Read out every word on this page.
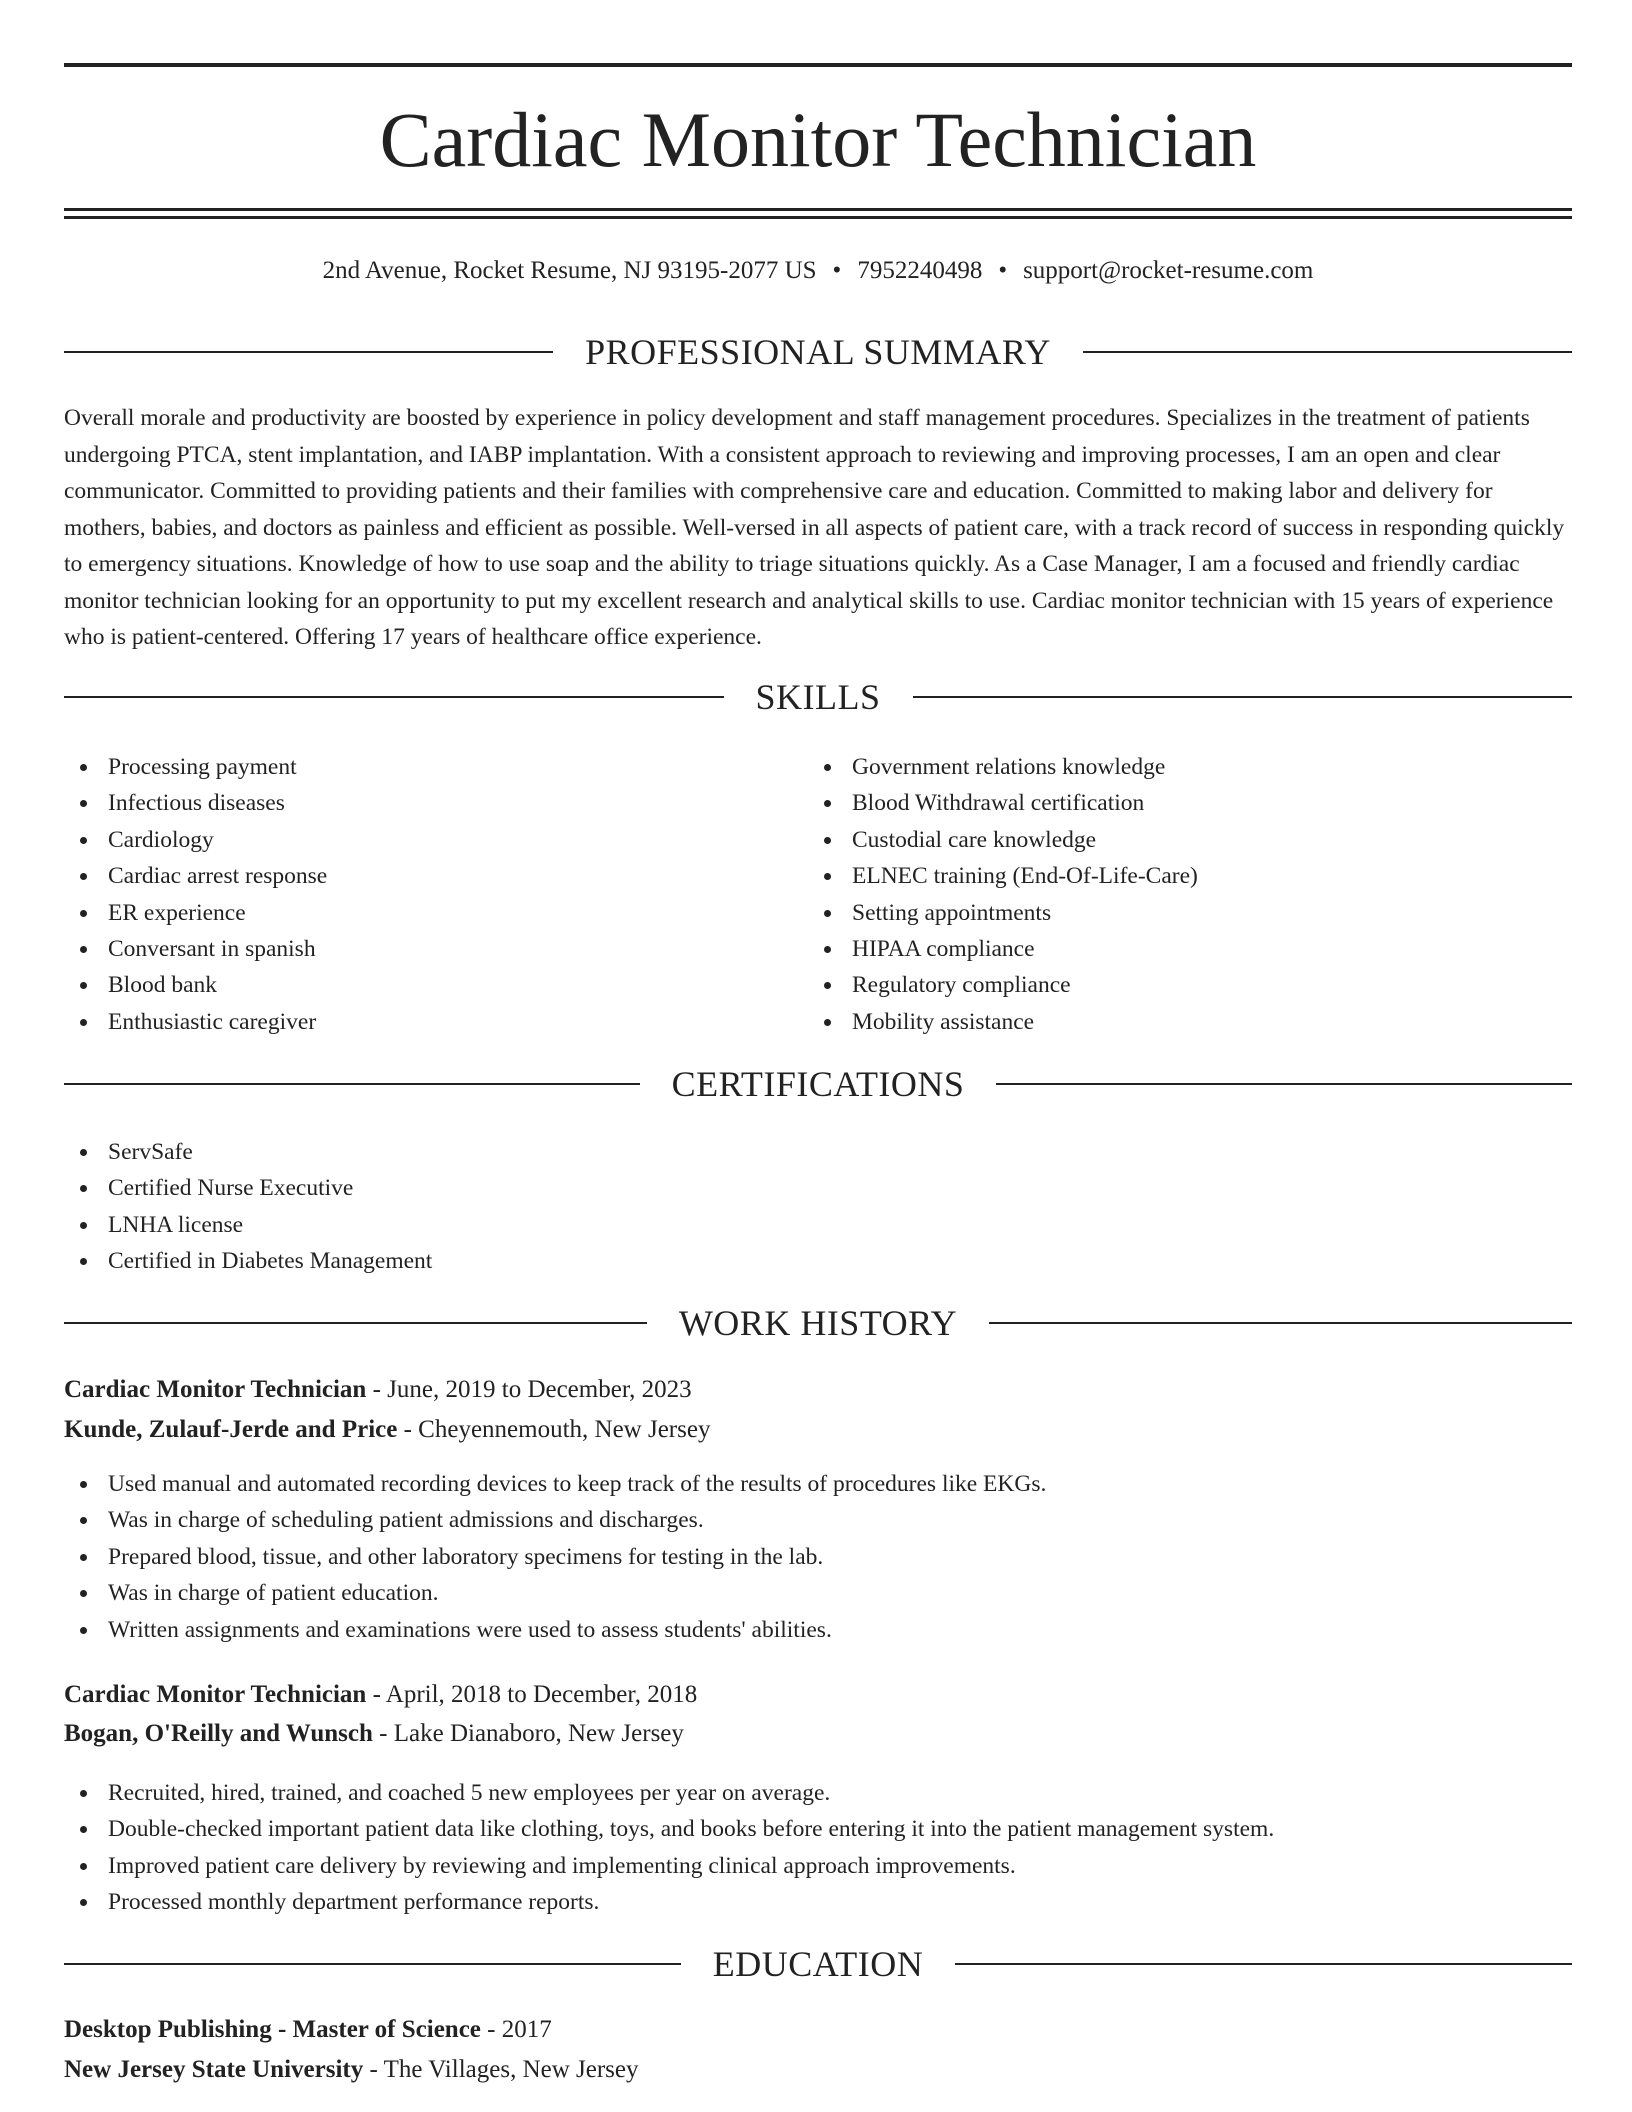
Cardiac Monitor Technician
2nd Avenue, Rocket Resume, NJ 93195-2077 US • 7952240498 • support@rocket-resume.com
PROFESSIONAL SUMMARY

Overall morale and productivity are boosted by experience in policy development and staff management procedures. Specializes in the treatment of patients undergoing PTCA, stent implantation, and IABP implantation. With a consistent approach to reviewing and improving processes, I am an open and clear communicator. Committed to providing patients and their families with comprehensive care and education. Committed to making labor and delivery for mothers, babies, and doctors as painless and efficient as possible. Well-versed in all aspects of patient care, with a track record of success in responding quickly to emergency situations. Knowledge of how to use soap and the ability to triage situations quickly. As a Case Manager, I am a focused and friendly cardiac monitor technician looking for an opportunity to put my excellent research and analytical skills to use. Cardiac monitor technician with 15 years of experience who is patient-centered. Offering 17 years of healthcare office experience.

SKILLS
Processing payment
Infectious diseases
Cardiology
Cardiac arrest response
ER experience
Conversant in spanish
Blood bank
Enthusiastic caregiver
Government relations knowledge
Blood Withdrawal certification
Custodial care knowledge
ELNEC training (End-Of-Life-Care)
Setting appointments
HIPAA compliance
Regulatory compliance
Mobility assistance
CERTIFICATIONS
ServSafe
Certified Nurse Executive
LNHA license
Certified in Diabetes Management
WORK HISTORY
Cardiac Monitor Technician - June, 2019 to December, 2023
Kunde, Zulauf-Jerde and Price - Cheyennemouth, New Jersey
Used manual and automated recording devices to keep track of the results of procedures like EKGs.
Was in charge of scheduling patient admissions and discharges.
Prepared blood, tissue, and other laboratory specimens for testing in the lab.
Was in charge of patient education.
Written assignments and examinations were used to assess students' abilities.
Cardiac Monitor Technician - April, 2018 to December, 2018
Bogan, O'Reilly and Wunsch - Lake Dianaboro, New Jersey
Recruited, hired, trained, and coached 5 new employees per year on average.
Double-checked important patient data like clothing, toys, and books before entering it into the patient management system.
Improved patient care delivery by reviewing and implementing clinical approach improvements.
Processed monthly department performance reports.
EDUCATION
Desktop Publishing - Master of Science - 2017
New Jersey State University - The Villages, New Jersey
